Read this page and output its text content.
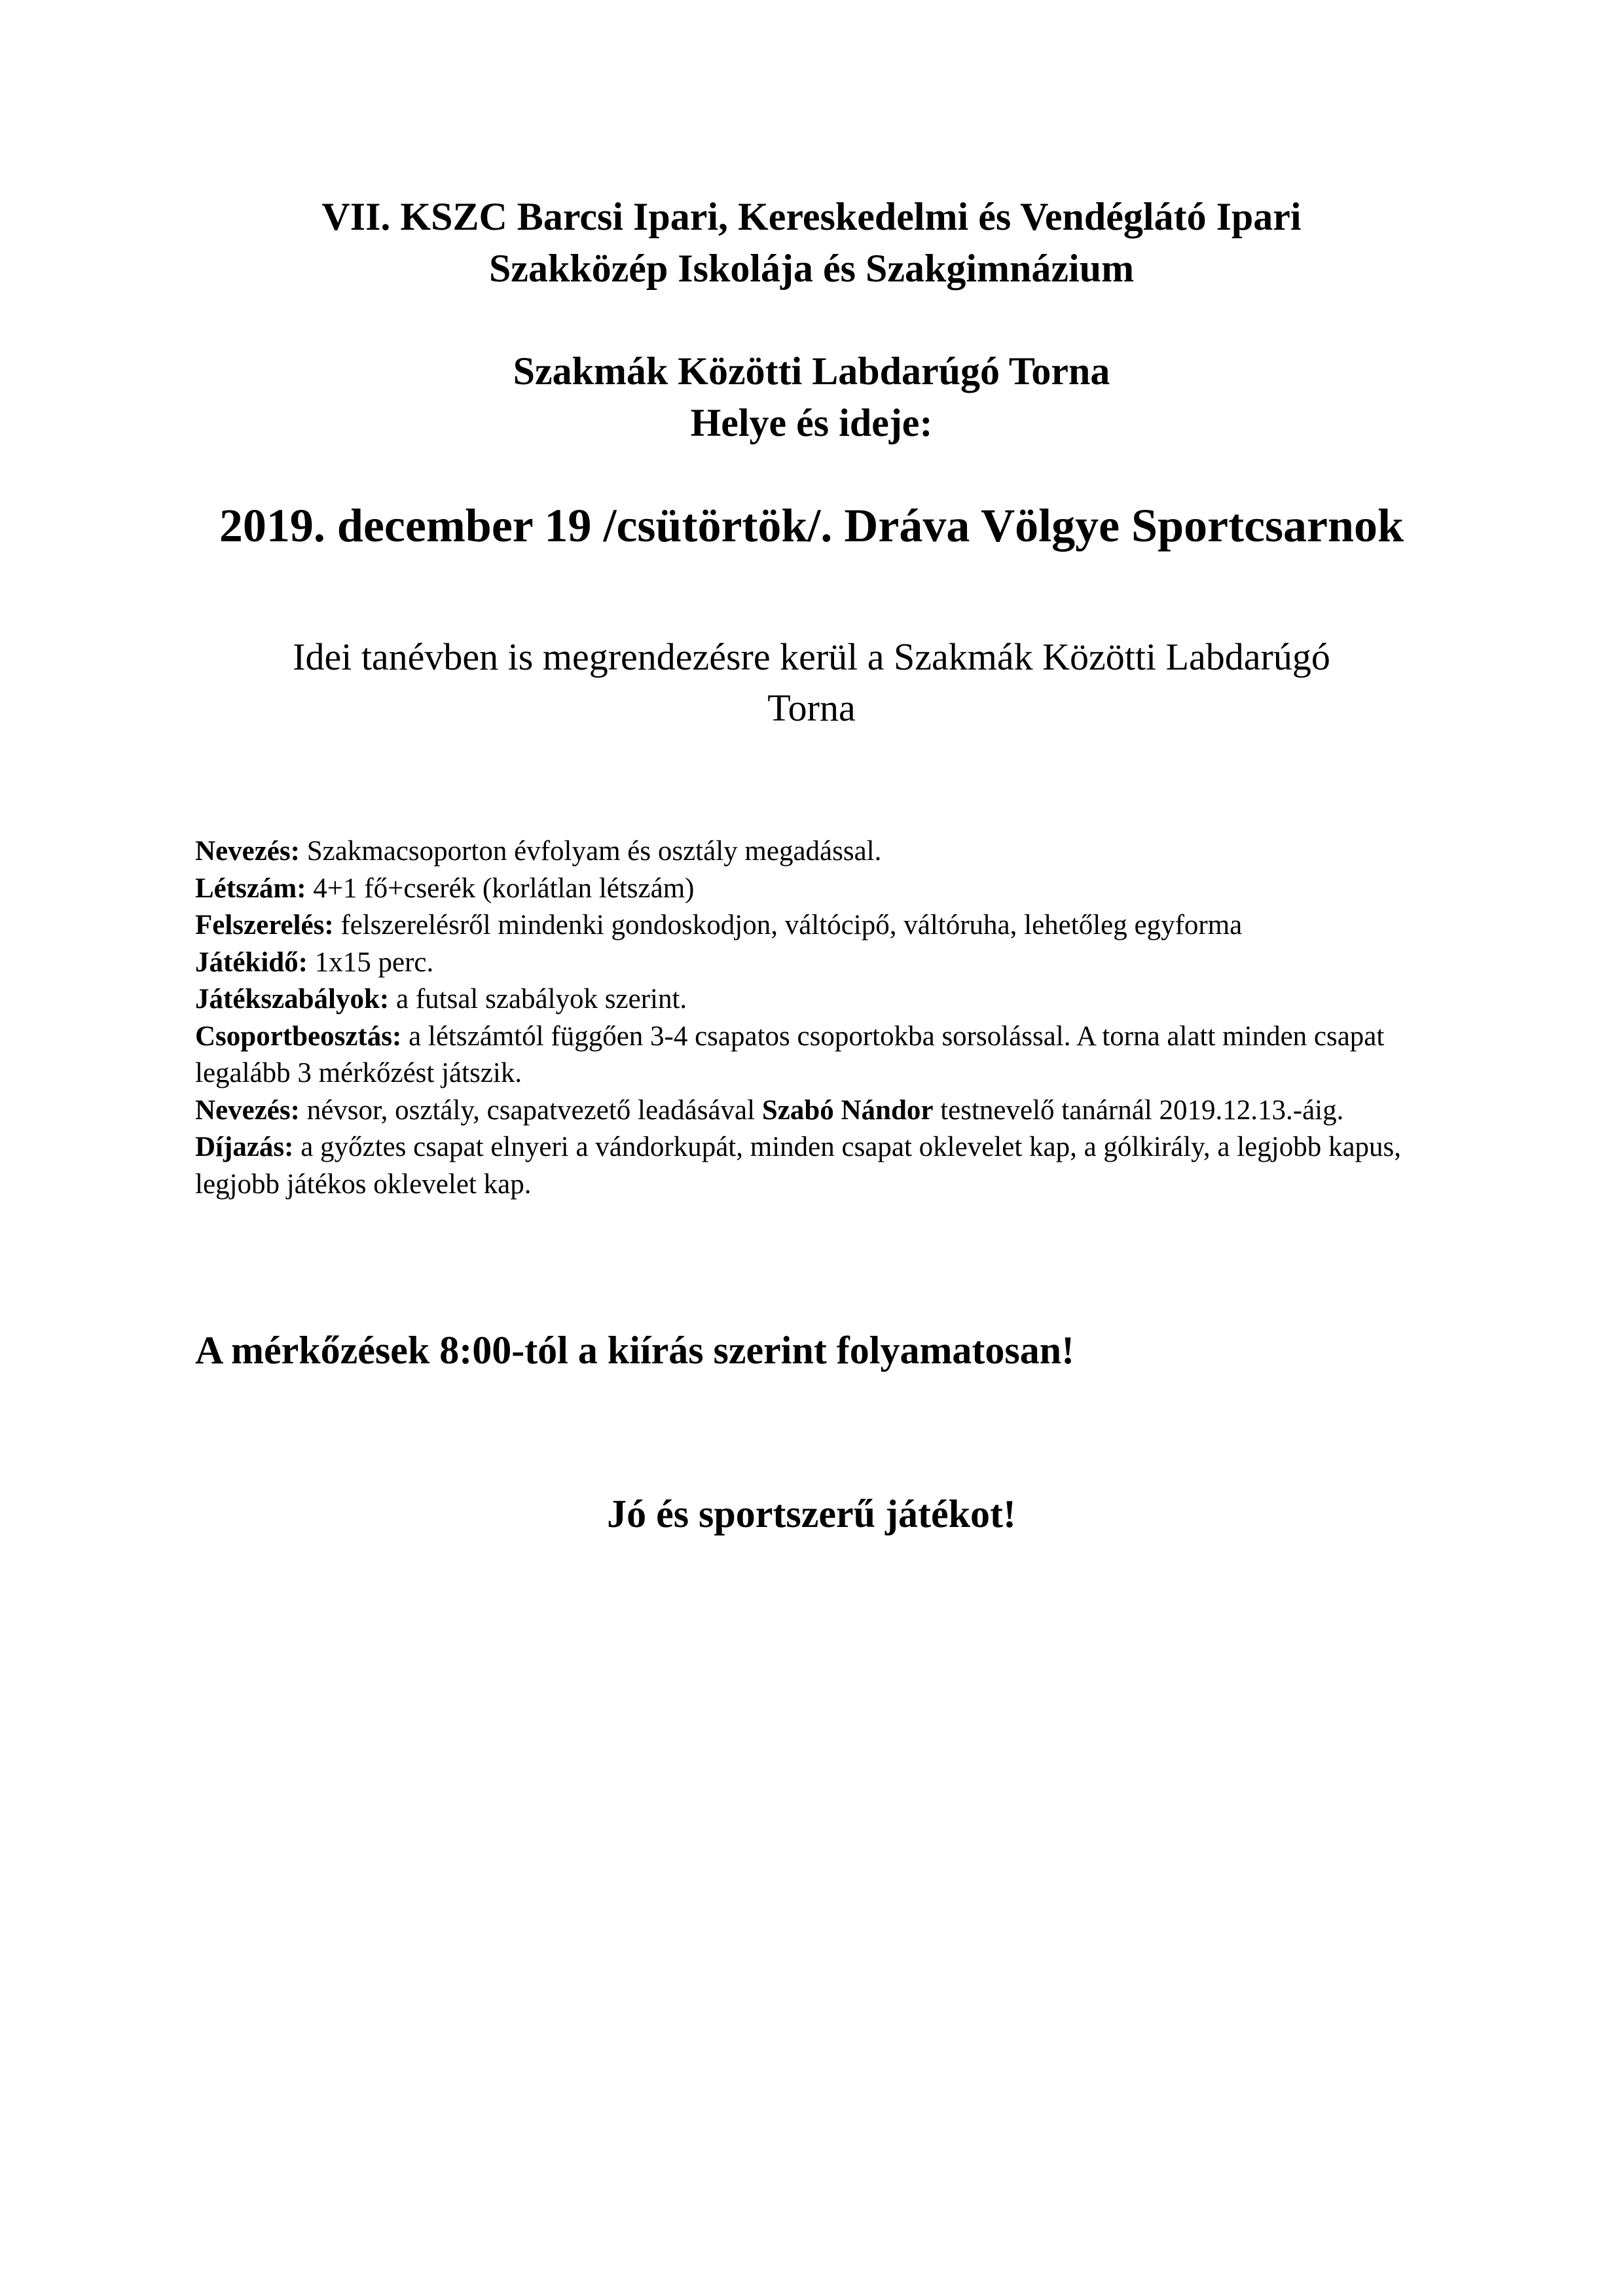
VII. KSZC Barcsi Ipari, Kereskedelmi és Vendéglátó Ipari
Szakközép Iskolája és Szakgimnázium
Szakmák Közötti Labdarúgó Torna
Helye és ideje:
2019. december 19 /csütörtök/. Dráva Völgye Sportcsarnok
Idei tanévben is megrendezésre kerül a Szakmák Közötti Labdarúgó
Torna

Nevezés: Szakmacsoporton évfolyam és osztály megadással.

Létszám: 4+1 fő+cserék (korlátlan létszám)

Felszerelés: felszerelésről mindenki gondoskodjon, váltócipő, váltóruha, lehetőleg egyforma

Játékidő: 1x15 perc.

Játékszabályok: a futsal szabályok szerint.

Csoportbeosztás: a létszámtól függően 3-4 csapatos csoportokba sorsolással. A torna alatt minden csapat legalább 3 mérkőzést játszik.

Nevezés: névsor, osztály, csapatvezető leadásával Szabó Nándor testnevelő tanárnál 2019.12.13.-áig.

Díjazás: a győztes csapat elnyeri a vándorkupát, minden csapat oklevelet kap, a gólkirály, a legjobb kapus, legjobb játékos oklevelet kap.

A mérkőzések 8:00-tól a kiírás szerint folyamatosan!
Jó és sportszerű játékot!
